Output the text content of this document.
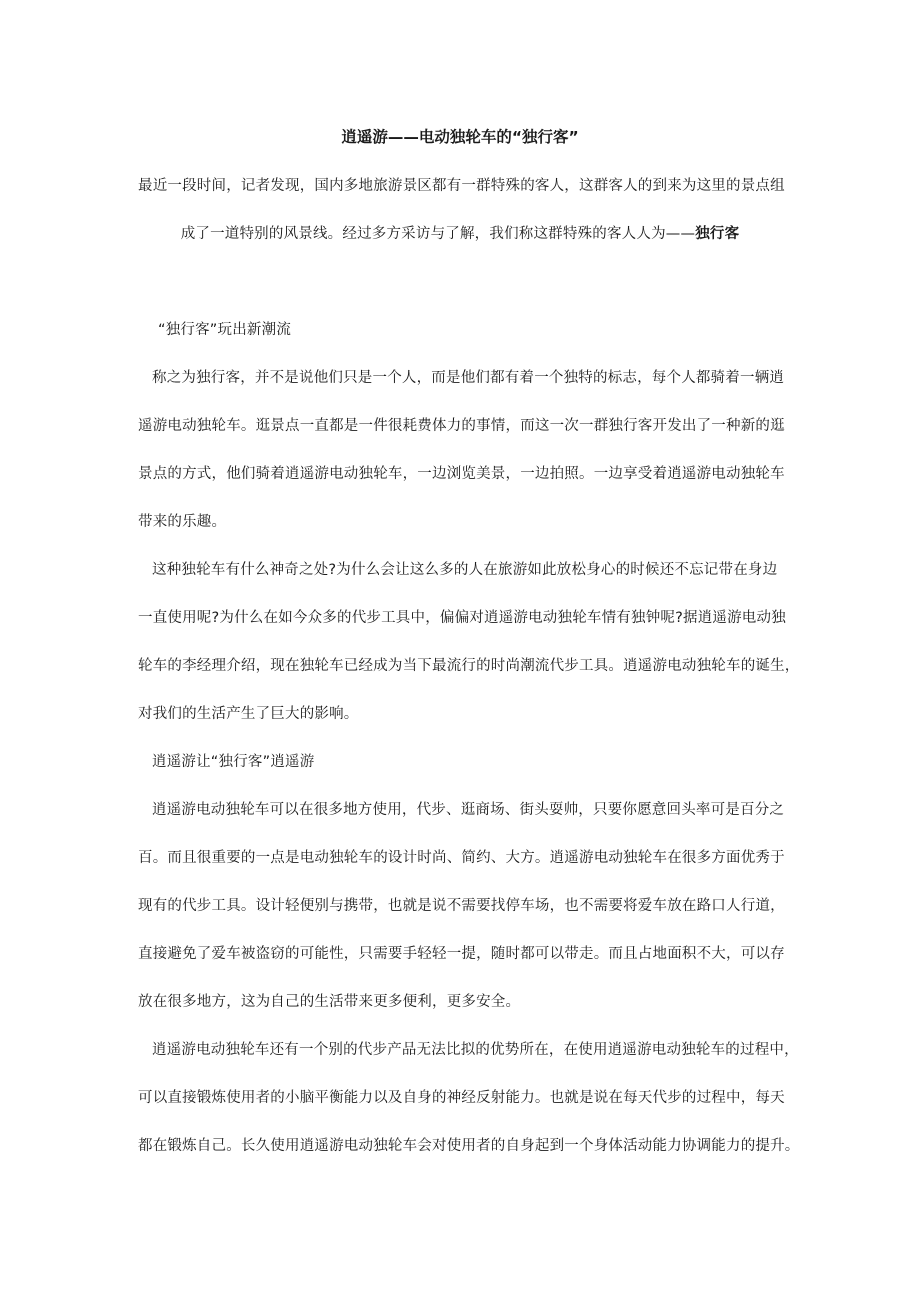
逍遥游——电动独轮车的“独行客”
最近一段时间，记者发现，国内多地旅游景区都有一群特殊的客人，这群客人的到来为这里的景点组
成了一道特别的风景线。经过多方采访与了解，我们称这群特殊的客人人为——独行客
“独行客”玩出新潮流
称之为独行客，并不是说他们只是一个人，而是他们都有着一个独特的标志，每个人都骑着一辆逍
遥游电动独轮车。逛景点一直都是一件很耗费体力的事情，而这一次一群独行客开发出了一种新的逛
景点的方式，他们骑着逍遥游电动独轮车，一边浏览美景，一边拍照。一边享受着逍遥游电动独轮车
带来的乐趣。
这种独轮车有什么神奇之处?为什么会让这么多的人在旅游如此放松身心的时候还不忘记带在身边
一直使用呢?为什么在如今众多的代步工具中，偏偏对逍遥游电动独轮车情有独钟呢?据逍遥游电动独
轮车的李经理介绍，现在独轮车已经成为当下最流行的时尚潮流代步工具。逍遥游电动独轮车的诞生，
对我们的生活产生了巨大的影响。
逍遥游让“独行客”逍遥游
逍遥游电动独轮车可以在很多地方使用，代步、逛商场、街头耍帅，只要你愿意回头率可是百分之
百。而且很重要的一点是电动独轮车的设计时尚、简约、大方。逍遥游电动独轮车在很多方面优秀于
现有的代步工具。设计轻便别与携带，也就是说不需要找停车场，也不需要将爱车放在路口人行道，
直接避免了爱车被盗窃的可能性，只需要手轻轻一提，随时都可以带走。而且占地面积不大，可以存
放在很多地方，这为自己的生活带来更多便利，更多安全。
逍遥游电动独轮车还有一个别的代步产品无法比拟的优势所在，在使用逍遥游电动独轮车的过程中，
可以直接锻炼使用者的小脑平衡能力以及自身的神经反射能力。也就是说在每天代步的过程中，每天
都在锻炼自己。长久使用逍遥游电动独轮车会对使用者的自身起到一个身体活动能力协调能力的提升。
